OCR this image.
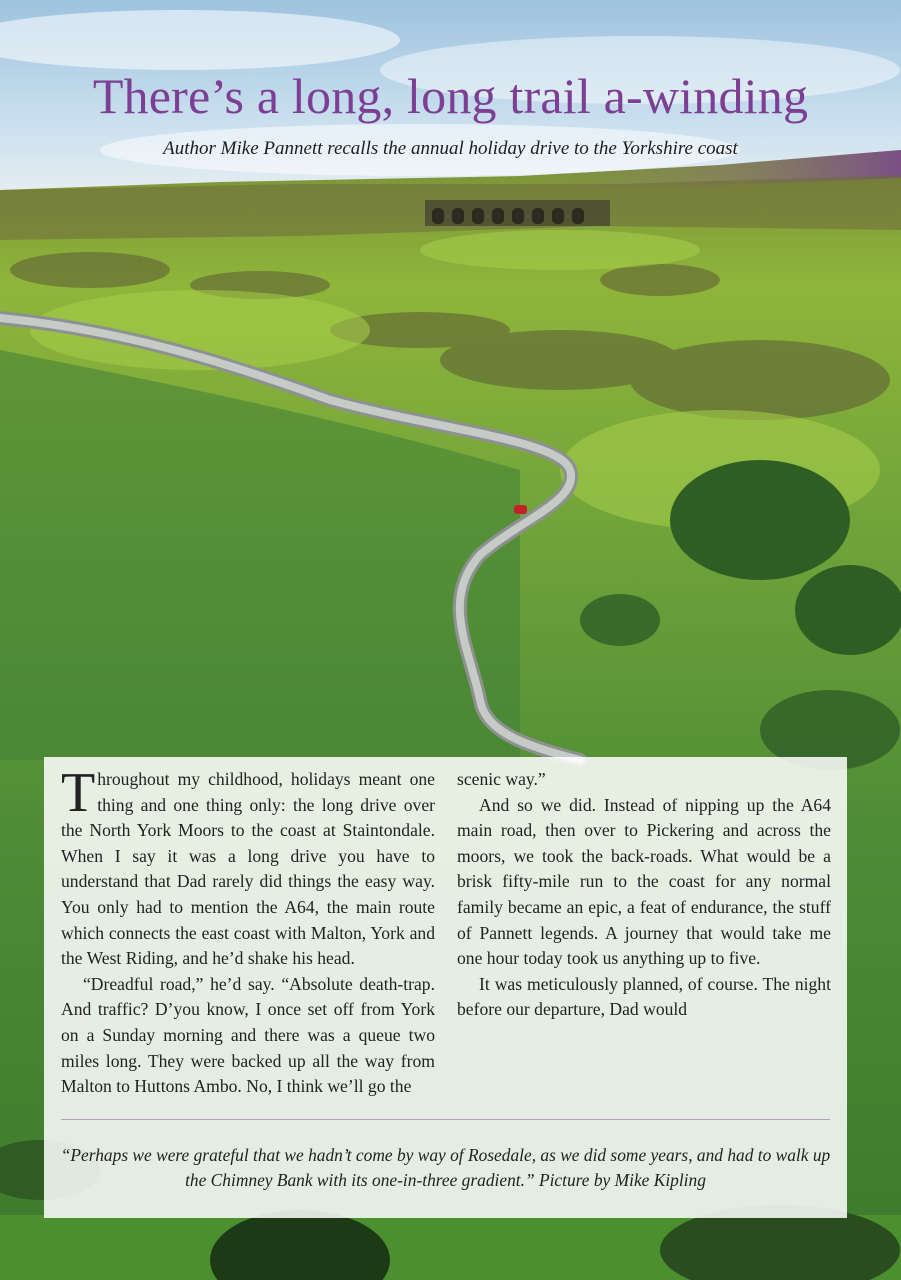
There’s a long, long trail a-winding

Author Mike Pannett recalls the annual holiday drive to the Yorkshire coast

Throughout my childhood, holidays meant one thing and one thing only: the long drive over the North York Moors to the coast at Staintondale. When I say it was a long drive you have to understand that Dad rarely did things the easy way. You only had to mention the A64, the main route which connects the east coast with Malton, York and the West Riding, and he’d shake his head.

“Dreadful road,” he’d say. “Absolute death-trap. And traffic? D’you know, I once set off from York on a Sunday morning and there was a queue two miles long. They were backed up all the way from Malton to Huttons Ambo. No, I think we’ll go the

scenic way.”

And so we did. Instead of nipping up the A64 main road, then over to Pickering and across the moors, we took the back-roads. What would be a brisk fifty-mile run to the coast for any normal family became an epic, a feat of endurance, the stuff of Pannett legends. A journey that would take me one hour today took us anything up to five.

It was meticulously planned, of course. The night before our departure, Dad would

“Perhaps we were grateful that we hadn’t come by way of Rosedale, as we did some years, and had to walk up the Chimney Bank with its one-in-three gradient.” Picture by Mike Kipling
